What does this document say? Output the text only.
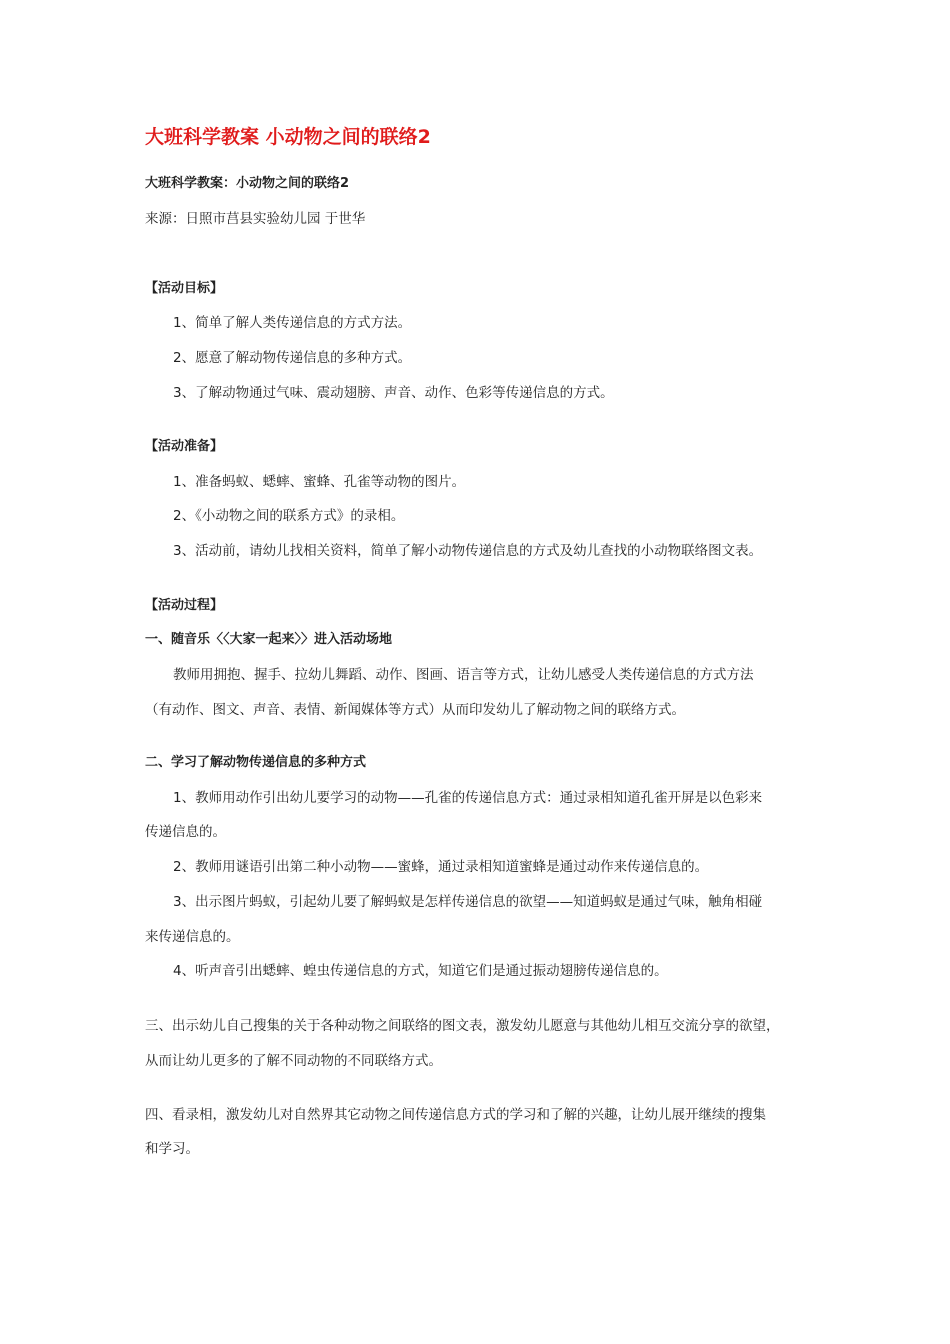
大班科学教案 小动物之间的联络2
大班科学教案：小动物之间的联络2
来源：日照市莒县实验幼儿园 于世华
【活动目标】
1、简单了解人类传递信息的方式方法。
2、愿意了解动物传递信息的多种方式。
3、了解动物通过气味、震动翅膀、声音、动作、色彩等传递信息的方式。
【活动准备】
1、准备蚂蚁、蟋蟀、蜜蜂、孔雀等动物的图片。
2、《小动物之间的联系方式》的录相。
3、活动前，请幼儿找相关资料，简单了解小动物传递信息的方式及幼儿查找的小动物联络图文表。
【活动过程】
一、随音乐〈〈大家一起来〉〉进入活动场地
教师用拥抱、握手、拉幼儿舞蹈、动作、图画、语言等方式，让幼儿感受人类传递信息的方式方法
（有动作、图文、声音、表情、新闻媒体等方式）从而印发幼儿了解动物之间的联络方式。
二、学习了解动物传递信息的多种方式
1、教师用动作引出幼儿要学习的动物——孔雀的传递信息方式：通过录相知道孔雀开屏是以色彩来
传递信息的。
2、教师用谜语引出第二种小动物——蜜蜂，通过录相知道蜜蜂是通过动作来传递信息的。
3、出示图片蚂蚁，引起幼儿要了解蚂蚁是怎样传递信息的欲望——知道蚂蚁是通过气味，触角相碰
来传递信息的。
4、听声音引出蟋蟀、蝗虫传递信息的方式，知道它们是通过振动翅膀传递信息的。
三、出示幼儿自己搜集的关于各种动物之间联络的图文表，激发幼儿愿意与其他幼儿相互交流分享的欲望，
从而让幼儿更多的了解不同动物的不同联络方式。
四、看录相，激发幼儿对自然界其它动物之间传递信息方式的学习和了解的兴趣，让幼儿展开继续的搜集
和学习。
